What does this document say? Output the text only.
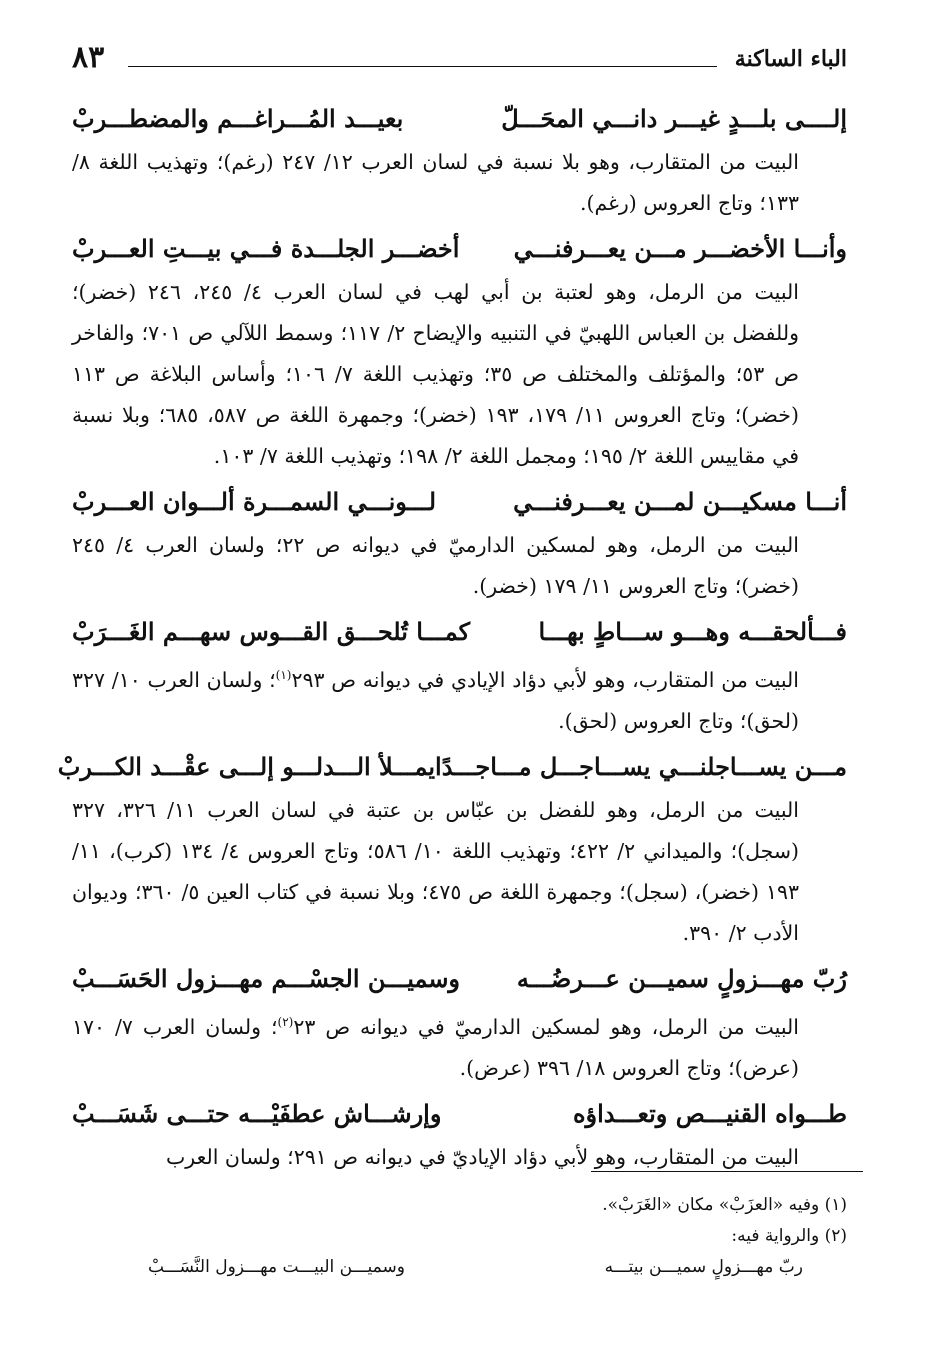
٨٣	الباء الساكنة
إلــــى بلـــدٍ غيـــر دانـــي المحَـــلّ
بعيـــد المُـــراغـــم والمضطـــربْ

البيت من المتقارب، وهو بلا نسبة في لسان العرب ١٢/ ٢٤٧ (رغم)؛ وتهذيب اللغة ٨/ ١٣٣؛ وتاج العروس (رغم).

وأنـــا الأخضـــر مـــن يعـــرفنـــي
أخضـــر الجلـــدة فـــي بيـــتِ العـــربْ

البيت من الرمل، وهو لعتبة بن أبي لهب في لسان العرب ٤/ ٢٤٥، ٢٤٦ (خضر)؛ وللفضل بن العباس اللهبيّ في التنبيه والإيضاح ٢/ ١١٧؛ وسمط اللآلي ص ٧٠١؛ والفاخر ص ٥٣؛ والمؤتلف والمختلف ص ٣٥؛ وتهذيب اللغة ٧/ ١٠٦؛ وأساس البلاغة ص ١١٣ (خضر)؛ وتاج العروس ١١/ ١٧٩، ١٩٣ (خضر)؛ وجمهرة اللغة ص ٥٨٧، ٦٨٥؛ وبلا نسبة في مقاييس اللغة ٢/ ١٩٥؛ ومجمل اللغة ٢/ ١٩٨؛ وتهذيب اللغة ٧/ ١٠٣.

أنـــا مسكيـــن لمـــن يعـــرفنـــي
لـــونـــي السمـــرة ألـــوان العـــربْ

البيت من الرمل، وهو لمسكين الدارميّ في ديوانه ص ٢٢؛ ولسان العرب ٤/ ٢٤٥ (خضر)؛ وتاج العروس ١١/ ١٧٩ (خضر).

فـــألحقـــه وهـــو ســـاطٍ بهـــا
كمـــا تُلحـــق القـــوس سهـــم الغَـــرَبْ

البيت من المتقارب، وهو لأبي دؤاد الإيادي في ديوانه ص ٢٩٣$^{(١)}$؛ ولسان العرب ١٠/ ٣٢٧ (لحق)؛ وتاج العروس (لحق).

مـــن يســـاجلنـــي يســـاجـــل مـــاجـــدًا
يمـــلأ الـــدلـــو إلـــى عقْـــد الكـــربْ

البيت من الرمل، وهو للفضل بن عبّاس بن عتبة في لسان العرب ١١/ ٣٢٦، ٣٢٧ (سجل)؛ والميداني ٢/ ٤٢٢؛ وتهذيب اللغة ١٠/ ٥٨٦؛ وتاج العروس ٤/ ١٣٤ (كرب)، ١١/ ١٩٣ (خضر)، (سجل)؛ وجمهرة اللغة ص ٤٧٥؛ وبلا نسبة في كتاب العين ٥/ ٣٦٠؛ وديوان الأدب ٢/ ٣٩٠.

رُبّ مهـــزولٍ سميـــن عـــرضُـــه
وسميـــن الجسْـــم مهـــزول الحَسَـــبْ

البيت من الرمل، وهو لمسكين الدارميّ في ديوانه ص ٢٣$^{(٢)}$؛ ولسان العرب ٧/ ١٧٠ (عرض)؛ وتاج العروس ١٨/ ٣٩٦ (عرض).

طـــواه القنيـــص وتعـــداؤه
وإرشـــاش عطفَيْـــه حتـــى شَسَـــبْ

البيت من المتقارب، وهو لأبي دؤاد الإياديّ في ديوانه ص ٢٩١؛ ولسان العرب

(١) وفيه «العزَبْ» مكان «الغَرَبْ».
(٢) والرواية فيه:
ربّ مهـــزولٍ سميـــن بيتـــه
وسميـــن البيـــت مهـــزول النَّسَـــبْ
